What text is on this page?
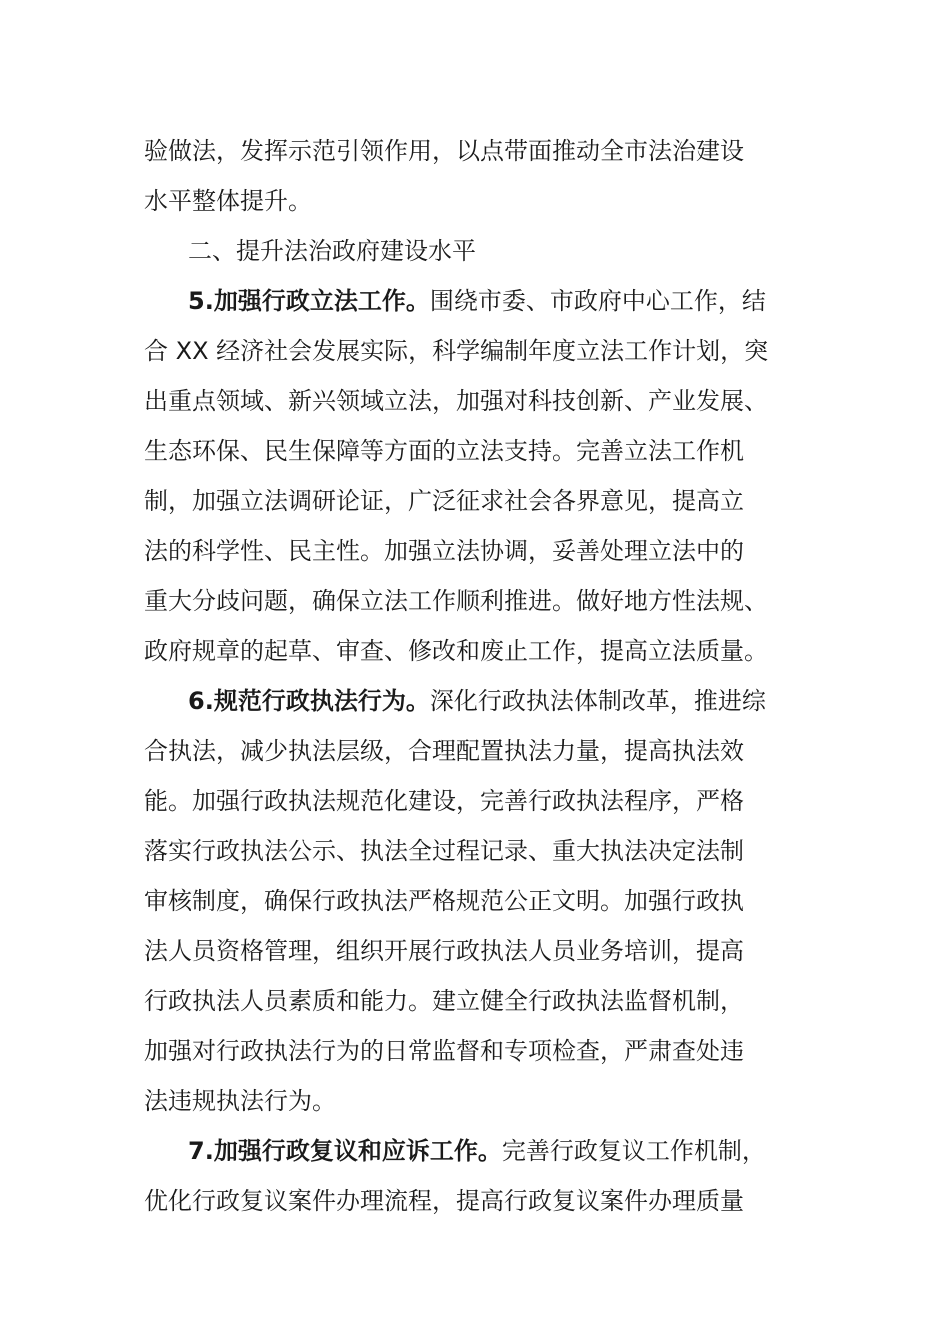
验做法，发挥示范引领作用，以点带面推动全市法治建设
水平整体提升。
二、提升法治政府建设水平
5.加强行政立法工作。围绕市委、市政府中心工作，结
合 XX 经济社会发展实际，科学编制年度立法工作计划，突
出重点领域、新兴领域立法，加强对科技创新、产业发展、
生态环保、民生保障等方面的立法支持。完善立法工作机
制，加强立法调研论证，广泛征求社会各界意见，提高立
法的科学性、民主性。加强立法协调，妥善处理立法中的
重大分歧问题，确保立法工作顺利推进。做好地方性法规、
政府规章的起草、审查、修改和废止工作，提高立法质量。
6.规范行政执法行为。深化行政执法体制改革，推进综
合执法，减少执法层级，合理配置执法力量，提高执法效
能。加强行政执法规范化建设，完善行政执法程序，严格
落实行政执法公示、执法全过程记录、重大执法决定法制
审核制度，确保行政执法严格规范公正文明。加强行政执
法人员资格管理，组织开展行政执法人员业务培训，提高
行政执法人员素质和能力。建立健全行政执法监督机制，
加强对行政执法行为的日常监督和专项检查，严肃查处违
法违规执法行为。
7.加强行政复议和应诉工作。完善行政复议工作机制，
优化行政复议案件办理流程，提高行政复议案件办理质量
